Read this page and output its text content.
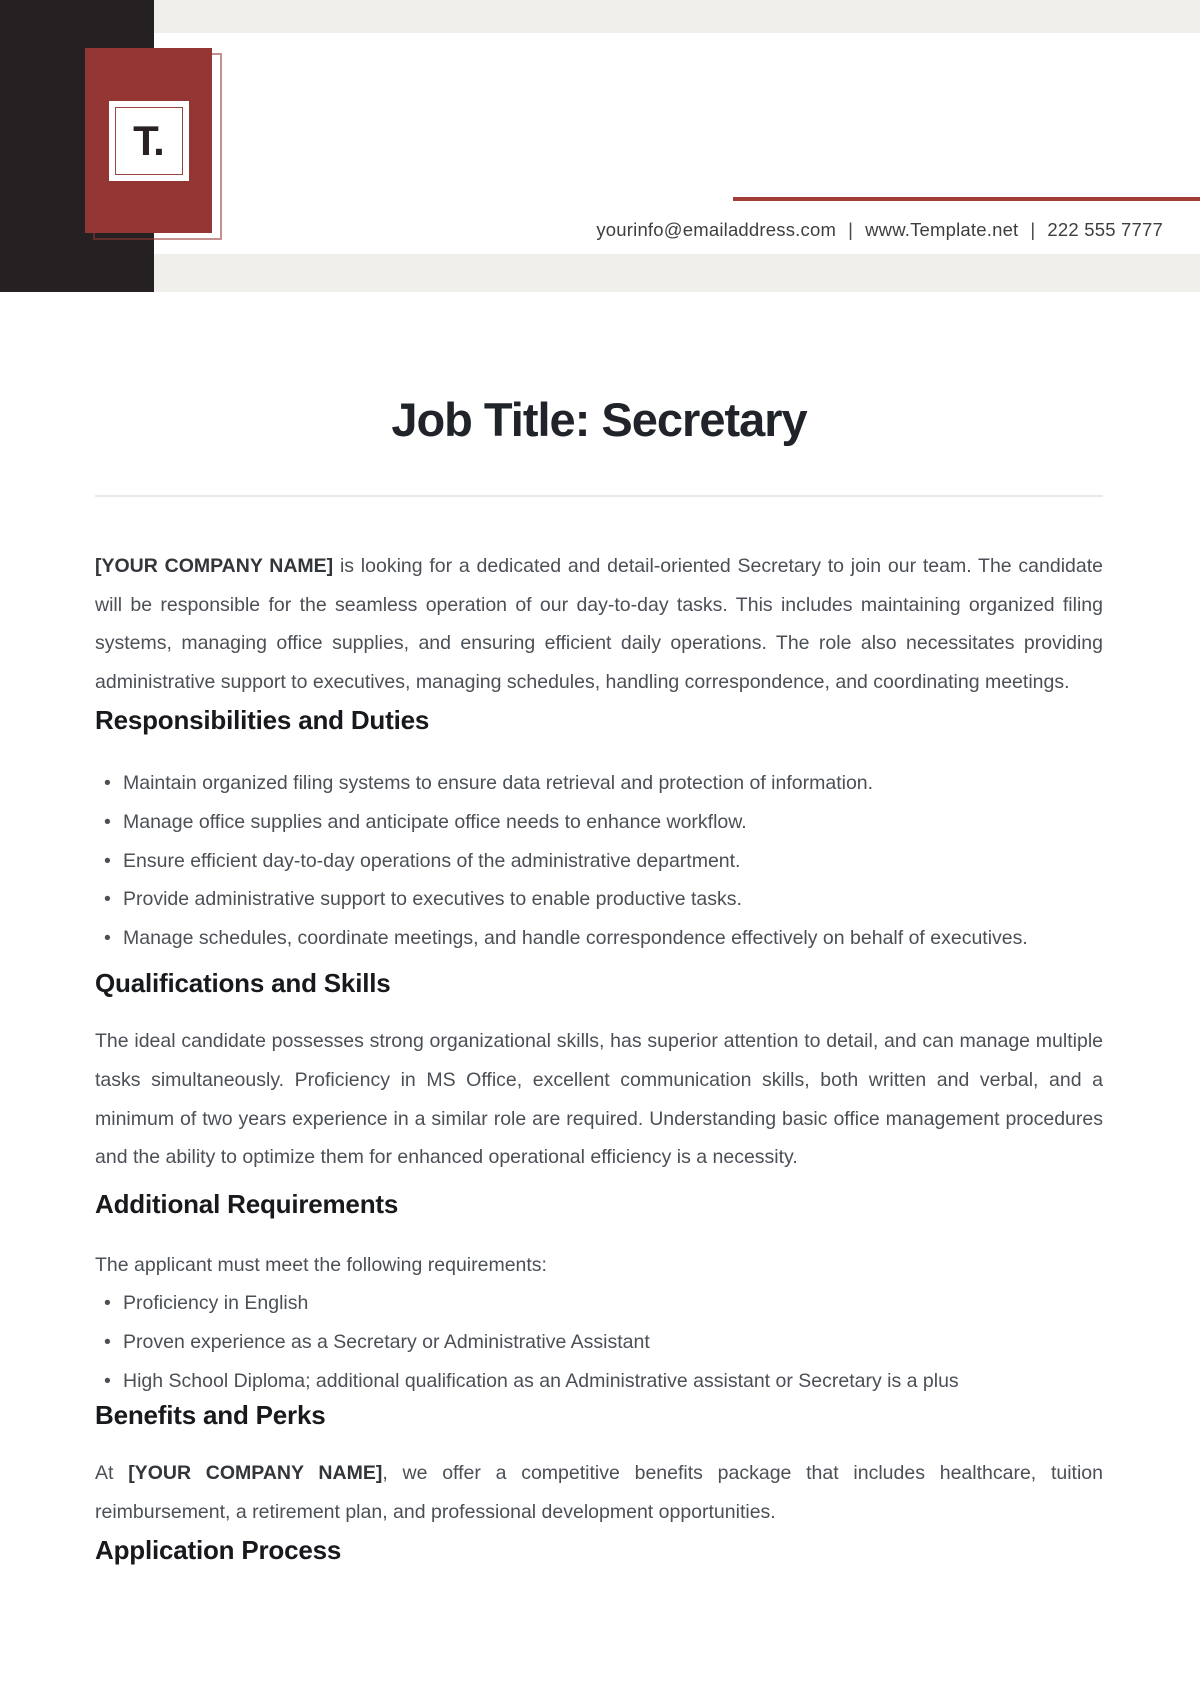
T.
yourinfo@emailaddress.com | www.Template.net | 222 555 7777
Job Title: Secretary

[YOUR COMPANY NAME] is looking for a dedicated and detail-oriented Secretary to join our team. The candidate will be responsible for the seamless operation of our day-to-day tasks. This includes maintaining organized filing systems, managing office supplies, and ensuring efficient daily operations. The role also necessitates providing administrative support to executives, managing schedules, handling correspondence, and coordinating meetings.

Responsibilities and Duties
• Maintain organized filing systems to ensure data retrieval and protection of information.
• Manage office supplies and anticipate office needs to enhance workflow.
• Ensure efficient day-to-day operations of the administrative department.
• Provide administrative support to executives to enable productive tasks.
• Manage schedules, coordinate meetings, and handle correspondence effectively on behalf of executives.
Qualifications and Skills

The ideal candidate possesses strong organizational skills, has superior attention to detail, and can manage multiple tasks simultaneously. Proficiency in MS Office, excellent communication skills, both written and verbal, and a minimum of two years experience in a similar role are required. Understanding basic office management procedures and the ability to optimize them for enhanced operational efficiency is a necessity.

Additional Requirements

The applicant must meet the following requirements:

• Proficiency in English
• Proven experience as a Secretary or Administrative Assistant
• High School Diploma; additional qualification as an Administrative assistant or Secretary is a plus
Benefits and Perks

At [YOUR COMPANY NAME], we offer a competitive benefits package that includes healthcare, tuition reimbursement, a retirement plan, and professional development opportunities.

Application Process
